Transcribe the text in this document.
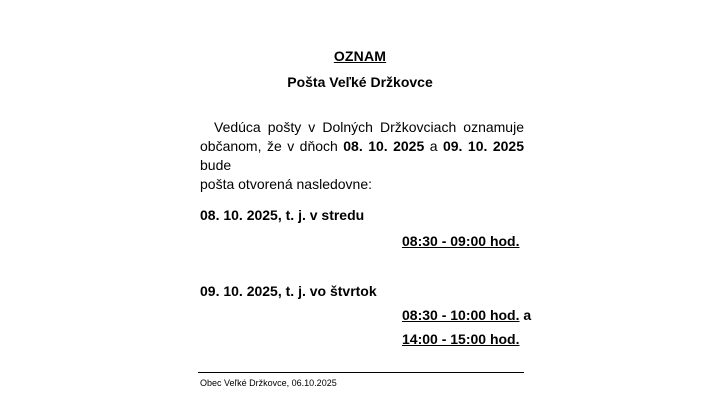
OZNAM
Pošta Veľké Držkovce
Vedúca pošty v Dolných Držkovciach oznamuje
občanom, že v dňoch 08. 10. 2025 a 09. 10. 2025 bude
pošta otvorená nasledovne:
08. 10. 2025, t. j. v stredu
08:30 - 09:00 hod.
09. 10. 2025, t. j. vo štvrtok
08:30 - 10:00 hod. a
14:00 - 15:00 hod.
Obec Veľké Držkovce, 06.10.2025
